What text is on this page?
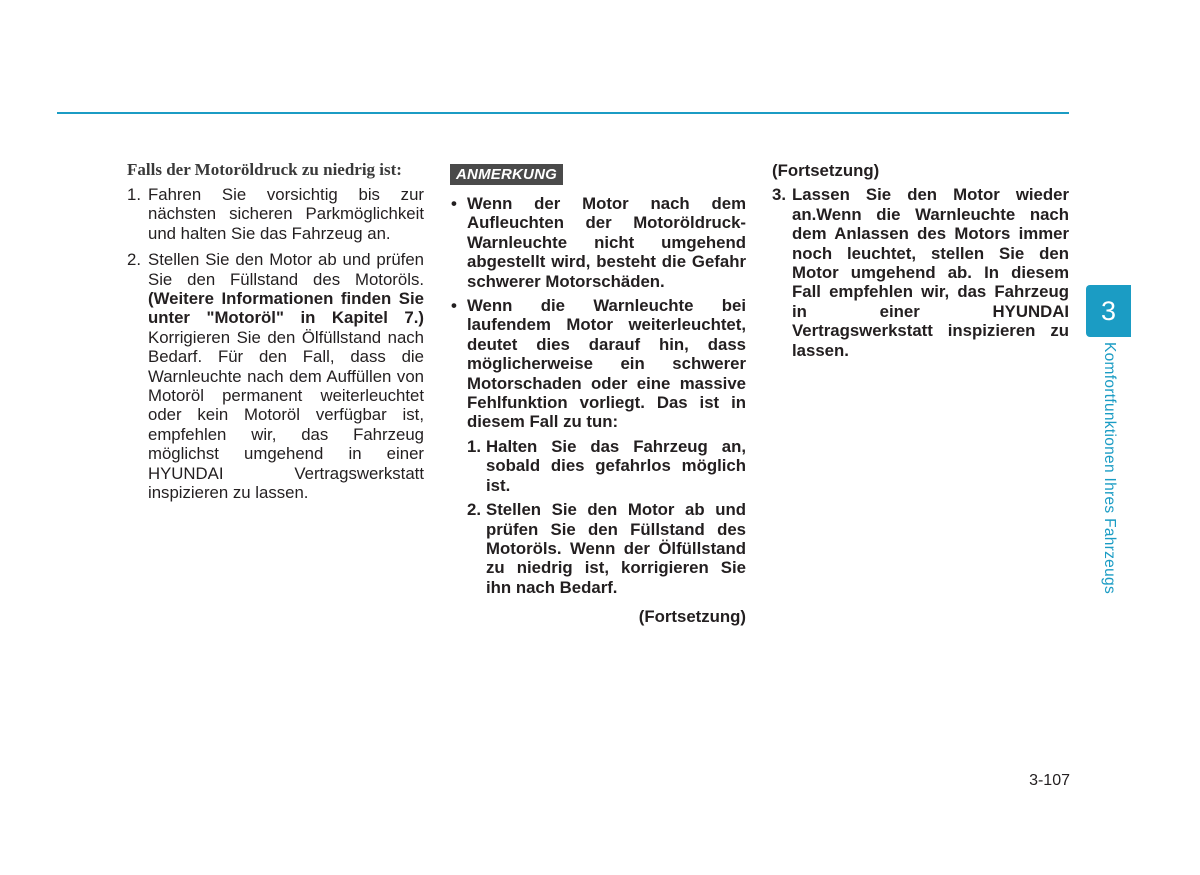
Falls der Motoröldruck zu niedrig ist:
1. Fahren Sie vorsichtig bis zur nächsten sicheren Parkmöglichkeit und halten Sie das Fahrzeug an.
2. Stellen Sie den Motor ab und prüfen Sie den Füllstand des Motoröls. (Weitere Informationen finden Sie unter "Motoröl" in Kapitel 7.) Korrigieren Sie den Ölfüllstand nach Bedarf. Für den Fall, dass die Warnleuchte nach dem Auffüllen von Motoröl permanent weiterleuchtet oder kein Motoröl verfügbar ist, empfehlen wir, das Fahrzeug möglichst umgehend in einer HYUNDAI Vertragswerkstatt inspizieren zu lassen.
ANMERKUNG
• Wenn der Motor nach dem Aufleuchten der Motoröldruck-Warnleuchte nicht umgehend abgestellt wird, besteht die Gefahr schwerer Motorschäden.
• Wenn die Warnleuchte bei laufendem Motor weiterleuchtet, deutet dies darauf hin, dass möglicherweise ein schwerer Motorschaden oder eine massive Fehlfunktion vorliegt. Das ist in diesem Fall zu tun:
1. Halten Sie das Fahrzeug an, sobald dies gefahrlos möglich ist.
2. Stellen Sie den Motor ab und prüfen Sie den Füllstand des Motoröls. Wenn der Ölfüllstand zu niedrig ist, korrigieren Sie ihn nach Bedarf.
(Fortsetzung)
(Fortsetzung)
3. Lassen Sie den Motor wieder an.Wenn die Warnleuchte nach dem Anlassen des Motors immer noch leuchtet, stellen Sie den Motor umgehend ab. In diesem Fall empfehlen wir, das Fahrzeug in einer HYUNDAI Vertragswerkstatt inspizieren zu lassen.
3
Komfortfunktionen Ihres Fahrzeugs
3-107
